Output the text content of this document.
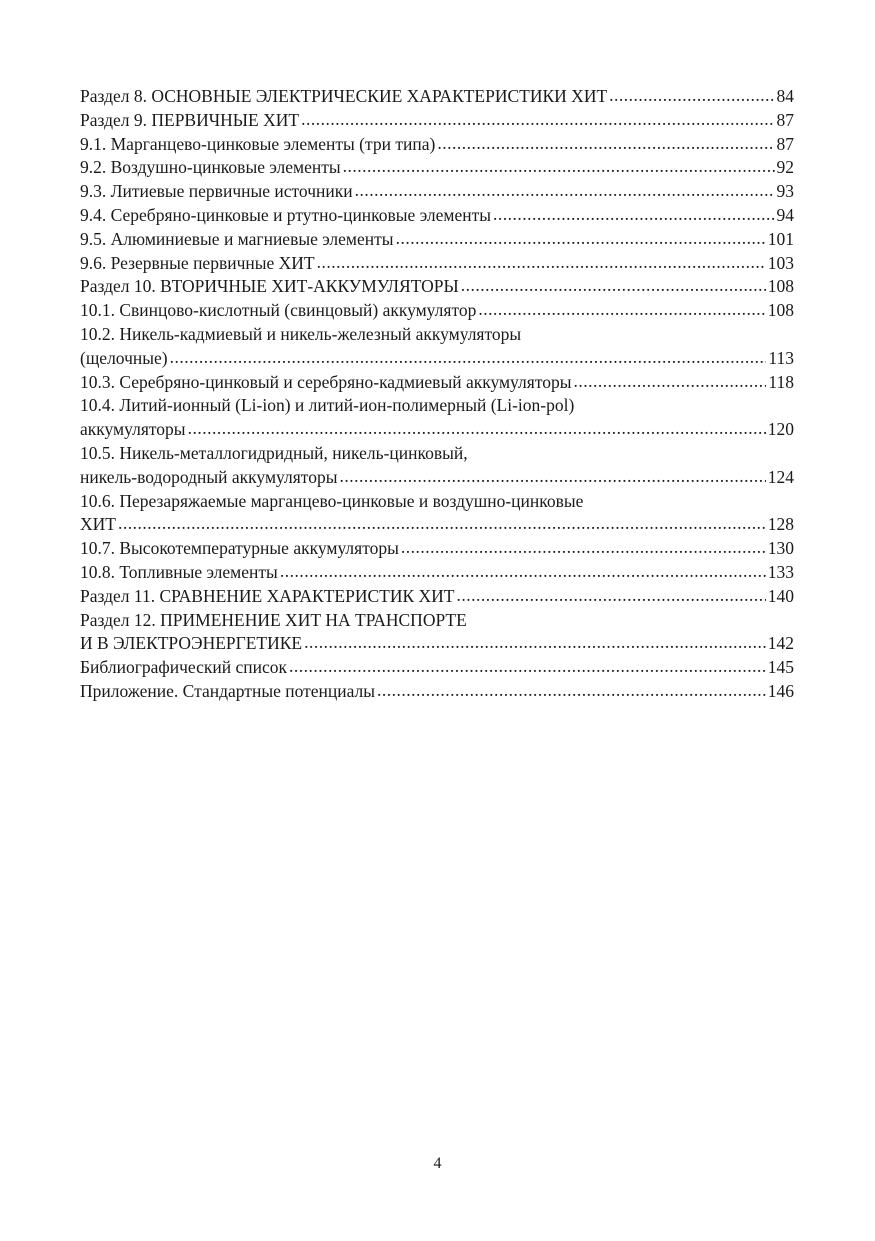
Раздел 8. ОСНОВНЫЕ ЭЛЕКТРИЧЕСКИЕ ХАРАКТЕРИСТИКИ ХИТ .....	84
Раздел 9. ПЕРВИЧНЫЕ ХИТ .....	87
9.1. Марганцево-цинковые элементы (три типа) .....	87
9.2. Воздушно-цинковые элементы .....	92
9.3. Литиевые первичные источники .....	93
9.4. Серебряно-цинковые и ртутно-цинковые элементы .....	94
9.5. Алюминиевые и магниевые элементы .....	101
9.6. Резервные первичные ХИТ .....	103
Раздел 10. ВТОРИЧНЫЕ ХИТ-АККУМУЛЯТОРЫ .....	108
10.1. Свинцово-кислотный (свинцовый) аккумулятор .....	108
10.2. Никель-кадмиевый и никель-железный аккумуляторы
(щелочные) .....	113
10.3. Серебряно-цинковый и серебряно-кадмиевый аккумуляторы .....	118
10.4. Литий-ионный (Li-ion) и литий-ион-полимерный (Li-ion-pol)
аккумуляторы .....	120
10.5. Никель-металлогидридный, никель-цинковый,
никель-водородный аккумуляторы .....	124
10.6. Перезаряжаемые марганцево-цинковые и воздушно-цинковые
ХИТ .....	128
10.7. Высокотемпературные аккумуляторы .....	130
10.8. Топливные элементы .....	133
Раздел 11. СРАВНЕНИЕ ХАРАКТЕРИСТИК ХИТ .....	140
Раздел 12. ПРИМЕНЕНИЕ ХИТ НА ТРАНСПОРТЕ
И В ЭЛЕКТРОЭНЕРГЕТИКЕ .....	142
Библиографический список .....	145
Приложение. Стандартные потенциалы .....	146
4
